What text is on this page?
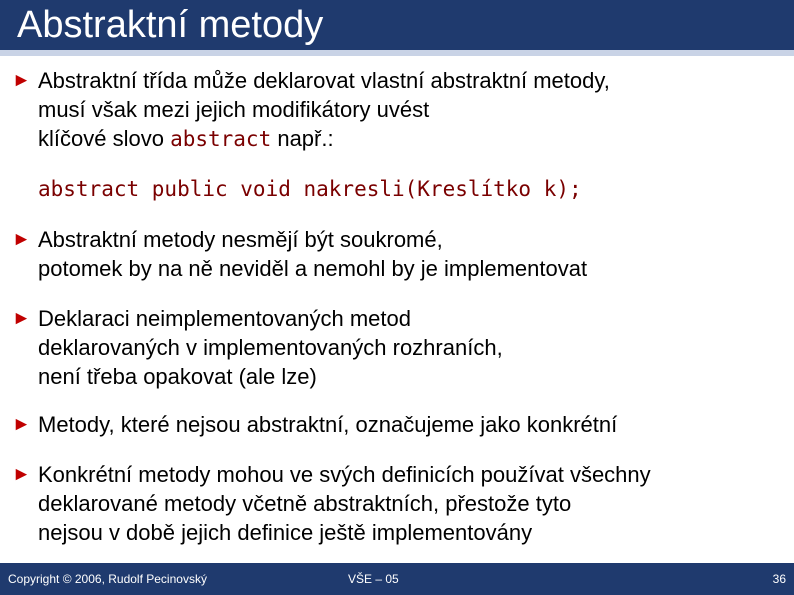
Abstraktní metody
► Abstraktní třída může deklarovat vlastní abstraktní metody,
musí však mezi jejich modifikátory uvést
klíčové slovo abstract např.:
abstract public void nakresli(Kreslítko k);
► Abstraktní metody nesmějí být soukromé,
potomek by na ně neviděl a nemohl by je implementovat
► Deklaraci neimplementovaných metod
deklarovaných v implementovaných rozhraních,
není třeba opakovat (ale lze)
► Metody, které nejsou abstraktní, označujeme jako konkrétní
► Konkrétní metody mohou ve svých definicích používat všechny
deklarované metody včetně abstraktních, přestože tyto
nejsou v době jejich definice ještě implementovány
Copyright © 2006, Rudolf Pecinovský	VŠE – 05	36
